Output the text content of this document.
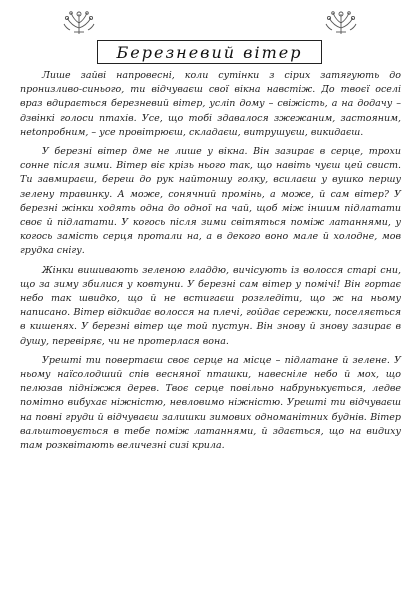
Березневий вітер

Лише зайві напровесні, коли сутінки з сірих затягують до пронизливо-синього, ти відчуваєш свої вікна навстіж. До твоєї оселі враз вдирається березневий вітер, усліп дому – свіжість, а на додачу – дзвінкі голоси птахів. Усе, що тобі здавалося зжежаним, застояним, неtoпробним, – усе провітрюєш, складаєш, витрушуєш, викидаєш.

У березні вітер дме не лише у вікна. Він зазирає в серце, трохи сонне після зими. Вітер віє крізь нього так, що навіть чуєш цей свист. Ти завмираєш, береш до рук найтоншу голку, всилаєш у вушко першу зелену травинку. А може, сонячний промінь, а може, й сам вітер? У березні жінки ходять одна до одної на чай, щоб між іншим підлатати своє й підлатати. У когось після зими світяться поміж латаннями, у когось замість серця протали на, а в декого воно мале й холодне, мов грудка снігу.

Жінки вишивають зеленою гладдю, вичісують із волосся старі сни, що за зиму збилися у ковтуни. У березні сам вітер у помічі! Він гортає небо так швидко, що й не встигаєш розгледіти, що ж на ньому написано. Вітер відкидає волосся на плечі, гойдає сережки, поселяється в кишенях. У березні вітер ще той пустун. Він знову й знову зазирає в душу, перевіряє, чи не протерлася вона.

Урешті ти повертаєш своє серце на місце – підлатане й зелене. У ньому наїсолодший спів весняної пташки, навесніле небо й мох, що пелюзав підніжжя дерев. Твоє серце повільно набрунькується, ледве помітно вибухає ніжністю, невловимо ніжністю. Урешті ти відчуваєш на повні груди й відчуваєш залишки зимових одноманітних буднів. Вітер вальштовується в тебе поміж латаннями, й здається, що на видиху там розквітають величезні сизі крила.
